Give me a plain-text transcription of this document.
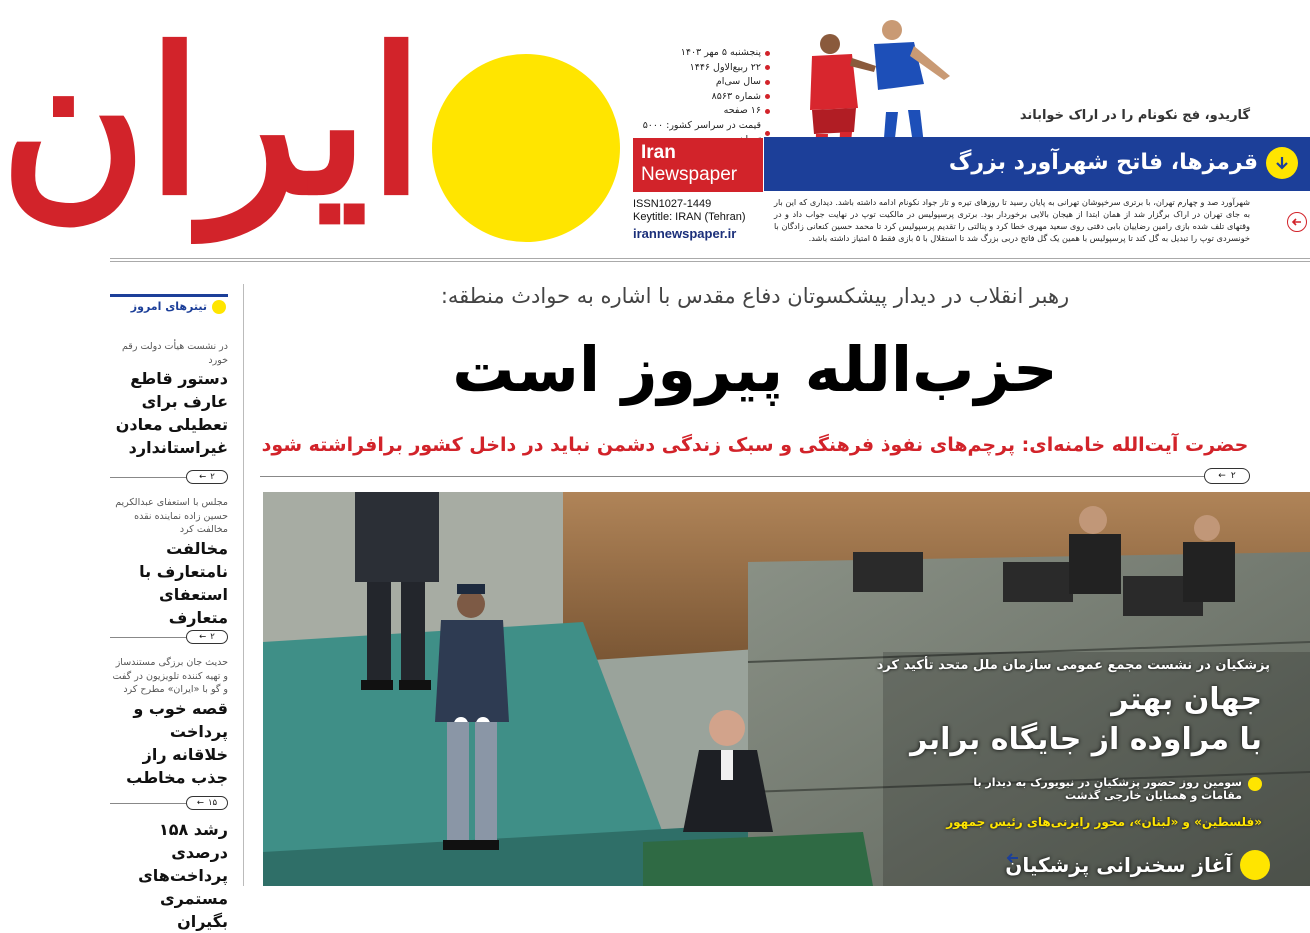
ایران	پنجشنبه ۵ مهر ۱۴۰۳
۲۲ ربیع‌الاول ۱۴۴۶
سال سی‌ام
شماره ۸۵۶۳
۱۶ صفحه
قیمت در سراسر کشور: ۵۰۰۰
Iran
Newspaper
ISSN1027-1449
Keytitle: IRAN (Tehran)
irannewspaper.ir
گاریدو، فج نکونام را در اراک خواباند
قرمزها، فاتح شهرآورد بزرگ
شهرآورد صد و چهارم تهران، با برتری سرخپوشان تهرانی به پایان رسید تا روزهای تیره و تار جواد نکونام ادامه داشته باشد. دیداری که این بار به جای تهران در اراک برگزار شد از همان ابتدا از هیجان بالایی برخوردار بود. برتری پرسپولیس در مالکیت توپ در نهایت جواب داد و در وقتهای تلف شده بازی رامین رضاییان بابی دقتی روی سعید مهری خطا کرد و پنالتی را تقدیم پرسپولیس کرد تا محمد حسین کنعانی زادگان با خونسردی توپ را تبدیل به گل کند تا پرسپولیس با همین یک گل فاتح دربی بزرگ شد تا استقلال با ۵ بازی فقط ۵ امتیاز داشته باشد.
تیترهای امروز
در نشست هیأت دولت رقم خورد
دستور قاطع عارف برای تعطیلی معادن غیراستاندارد
← ۲
مجلس با استعفای عبدالکریم حسین زاده نماینده نقده مخالفت کرد
مخالفت نامتعارف با استعفای متعارف
← ۲
حدیث جان برزگی مستندساز و تهیه کننده تلویزیون در گفت و گو با «ایران» مطرح کرد
قصه خوب و پرداخت خلاقانه راز جذب مخاطب
← ۱۵
رشد ۱۵۸ درصدی پرداخت‌های مستمری بگیران
رهبر انقلاب در دیدار پیشکسوتان دفاع مقدس با اشاره به حوادث منطقه:
حزب‌الله پیروز است
حضرت آیت‌الله خامنه‌ای: پرچم‌های نفوذ فرهنگی و سبک زندگی دشمن نباید در داخل کشور برافراشته شود
← ۲
پزشکیان در نشست مجمع عمومی سازمان ملل متحد تأکید کرد
جهان بهتر
با مراوده از جایگاه برابر
سومین روز حضور پزشکیان در نیویورک به دیدار با مقامات و همتایان خارجی گذشت
«فلسطین» و «لبنان»، محور رایزنی‌های رئیس جمهور
آغاز سخنرانی پزشکیان
